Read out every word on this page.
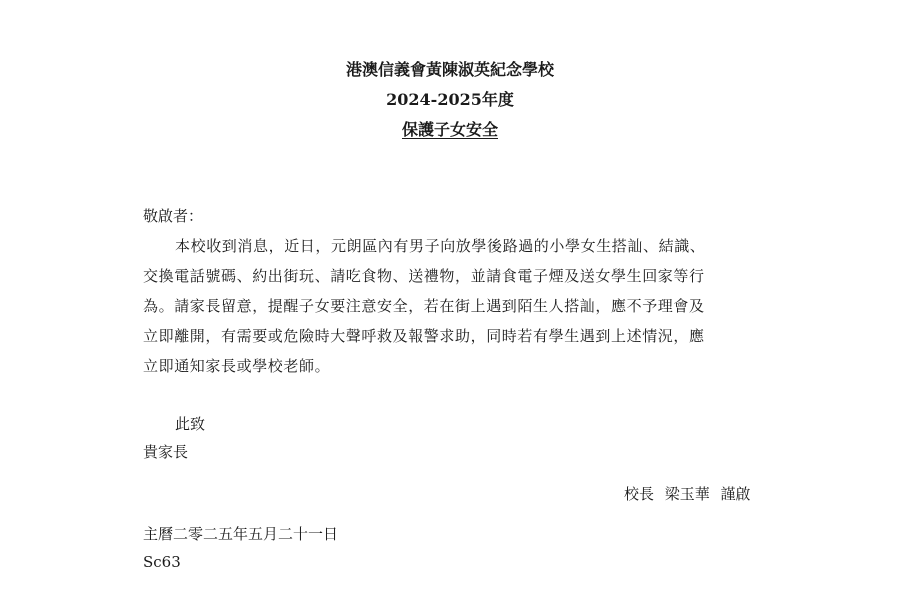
港澳信義會黃陳淑英紀念學校
2024-2025年度
保護子女安全
敬啟者：
本校收到消息，近日，元朗區內有男子向放學後路過的小學女生搭訕、結識、
交換電話號碼、約出街玩、請吃食物、送禮物，並請食電子煙及送女學生回家等行
為。請家長留意，提醒子女要注意安全，若在街上遇到陌生人搭訕，應不予理會及
立即離開，有需要或危險時大聲呼救及報警求助，同時若有學生遇到上述情況，應
立即通知家長或學校老師。
此致
貴家長
校長 梁玉華 謹啟
主曆二零二五年五月二十一日
Sc63
